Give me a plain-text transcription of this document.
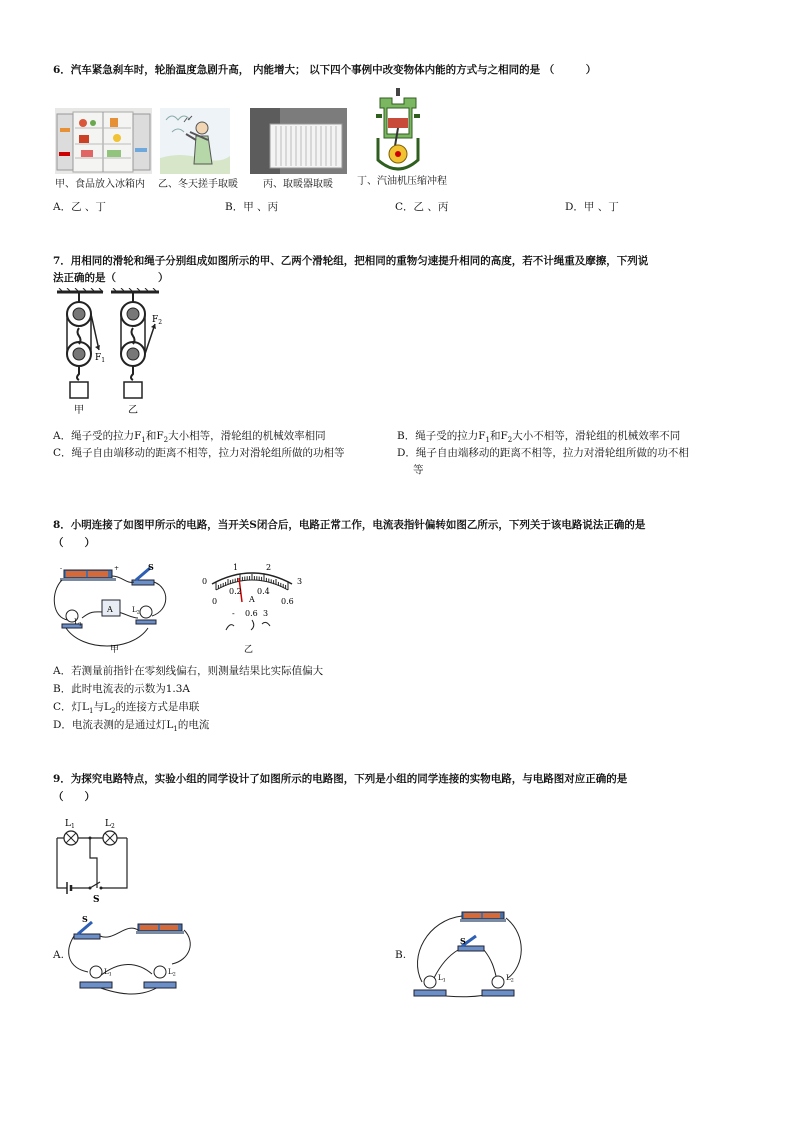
6．汽车紧急刹车时，轮胎温度急剧升高， 内能增大； 以下四个事例中改变物体内能的方式与之相同的是 （　　　）
甲、食品放入冰箱内 乙、冬天搓手取暖	丙、取暖器取暖 丁、汽油机压缩冲程
A．乙 、丁	B．甲 、丙	C．乙 、丙	D．甲 、丁
7．用相同的滑轮和绳子分别组成如图所示的甲、乙两个滑轮组，把相同的重物匀速提升相同的高度，若不计绳重及摩擦，下列说
法正确的是（　　　　）
$F_1$
甲
$F_2$
乙
A．绳子受的拉力$F_1$和$F_2$大小相等，滑轮组的机械效率相同	B．绳子受的拉力$F_1$和$F_2$大小不相等，滑轮组的机械效率不同
C．绳子自由端移动的距离不相等，拉力对滑轮组所做的功相等	D．绳子自由端移动的距离不相等，拉力对滑轮组所做的功不相
等
8．小明连接了如图甲所示的电路，当开关S闭合后，电路正常工作，电流表指针偏转如图乙所示，下列关于该电路说法正确的是
（　　）
-	+	S
A
$L_1$
$L_2$
甲
0
1	2
3
0
0.2 0.4
0.6
A
- 0.6 3
乙
A．若测量前指针在零刻线偏右，则测量结果比实际值偏大
B．此时电流表的示数为1.3A
C．灯$L_1$与$L_2$的连接方式是串联
D．电流表测的是通过灯$L_1$的电流
9．为探究电路特点，实验小组的同学设计了如图所示的电路图，下列是小组的同学连接的实物电路，与电路图对应正确的是
（　　）
$L_1$	$L_2$
S
A.
S
$L_1$	$L_2$
B.
S
$L_1$	$L_2$
